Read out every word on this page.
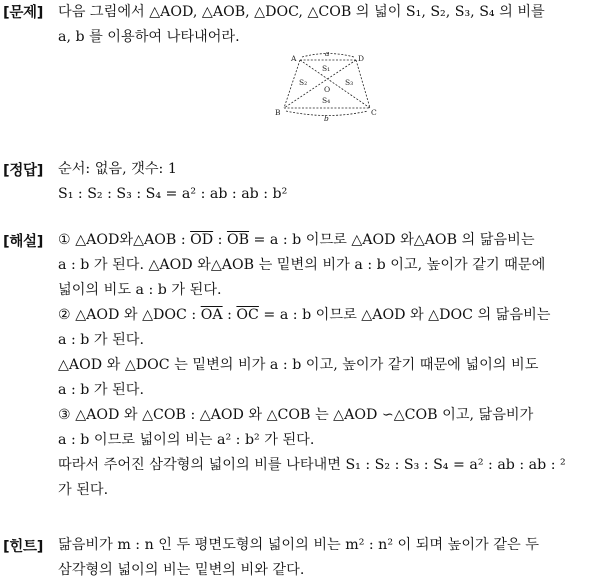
[문제] 다음 그림에서 △AOD, △AOB, △DOC, △COB 의 넓이 S₁, S₂, S₃, S₄ 의 비를
a, b 를 이용하여 나타내어라.
A	D
B	C
O
S₁
S₂	S₃
S₄
a
b
[정답] 순서: 없음, 갯수: 1
S₁ : S₂ : S₃ : S₄ = a² : ab : ab : b²
[해설] ① △AOD와△AOB : $\overline{OD}$ : $\overline{OB} = a$ : b 이므로 △AOD 와△AOB 의 닮음비는
a : b 가 된다. △AOD 와△AOB 는 밑변의 비가 a : b 이고, 높이가 같기 때문에
넓이의 비도 a : b 가 된다.
② △AOD 와 △DOC : $\overline{OA}$ : $\overline{OC} = a$ : b 이므로 △AOD 와 △DOC 의 닮음비는
a : b 가 된다.
△AOD 와 △DOC 는 밑변의 비가 a : b 이고, 높이가 같기 때문에 넓이의 비도
a : b 가 된다.
③ △AOD 와 △COB : △AOD 와 △COB 는 △AOD ∽△COB 이고, 닮음비가
a : b 이므로 넓이의 비는 a² : b² 가 된다.
따라서 주어진 삼각형의 넓이의 비를 나타내면 S₁ : S₂ : S₃ : S₄ = a² : ab : ab : ²
가 된다.
[힌트] 닮음비가 m : n 인 두 평면도형의 넓이의 비는 m² : n² 이 되며 높이가 같은 두
삼각형의 넓이의 비는 밑변의 비와 같다.
